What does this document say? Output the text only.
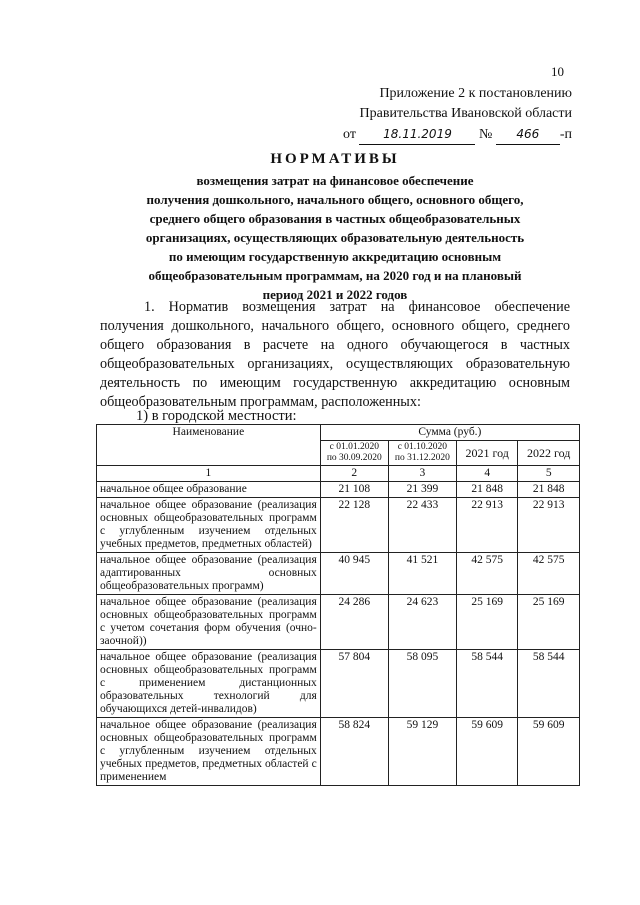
10
Приложение 2 к постановлению
Правительства Ивановской области
от 18.11.2019 № 466 -п
НОРМАТИВЫ
возмещения затрат на финансовое обеспечение
получения дошкольного, начального общего, основного общего,
среднего общего образования в частных общеобразовательных
организациях, осуществляющих образовательную деятельность
по имеющим государственную аккредитацию основным
общеобразовательным программам, на 2020 год и на плановый
период 2021 и 2022 годов
1. Норматив возмещения затрат на финансовое обеспечение получения дошкольного, начального общего, основного общего, среднего общего образования в расчете на одного обучающегося в частных общеобразовательных организациях, осуществляющих образовательную деятельность по имеющим государственную аккредитацию основным общеобразовательным программам, расположенных:
1) в городской местности:
Наименование	Сумма (руб.)			
	с 01.01.2020 по 30.09.2020	с 01.10.2020 по 31.12.2020	2021 год	2022 год
1	2	3	4	5
начальное общее образование	21 108	21 399	21 848	21 848
начальное общее образование (реализация основных общеобразовательных программ с углубленным изучением отдельных учебных предметов, предметных областей)	22 128	22 433	22 913	22 913
начальное общее образование (реализация адаптированных основных общеобразовательных программ)	40 945	41 521	42 575	42 575
начальное общее образование (реализация основных общеобразовательных программ с учетом сочетания форм обучения (очно-заочной))	24 286	24 623	25 169	25 169
начальное общее образование (реализация основных общеобразовательных программ с применением дистанционных образовательных технологий для обучающихся детей-инвалидов)	57 804	58 095	58 544	58 544
начальное общее образование (реализация основных общеобразовательных программ с углубленным изучением отдельных учебных предметов, предметных областей с применением	58 824	59 129	59 609	59 609
